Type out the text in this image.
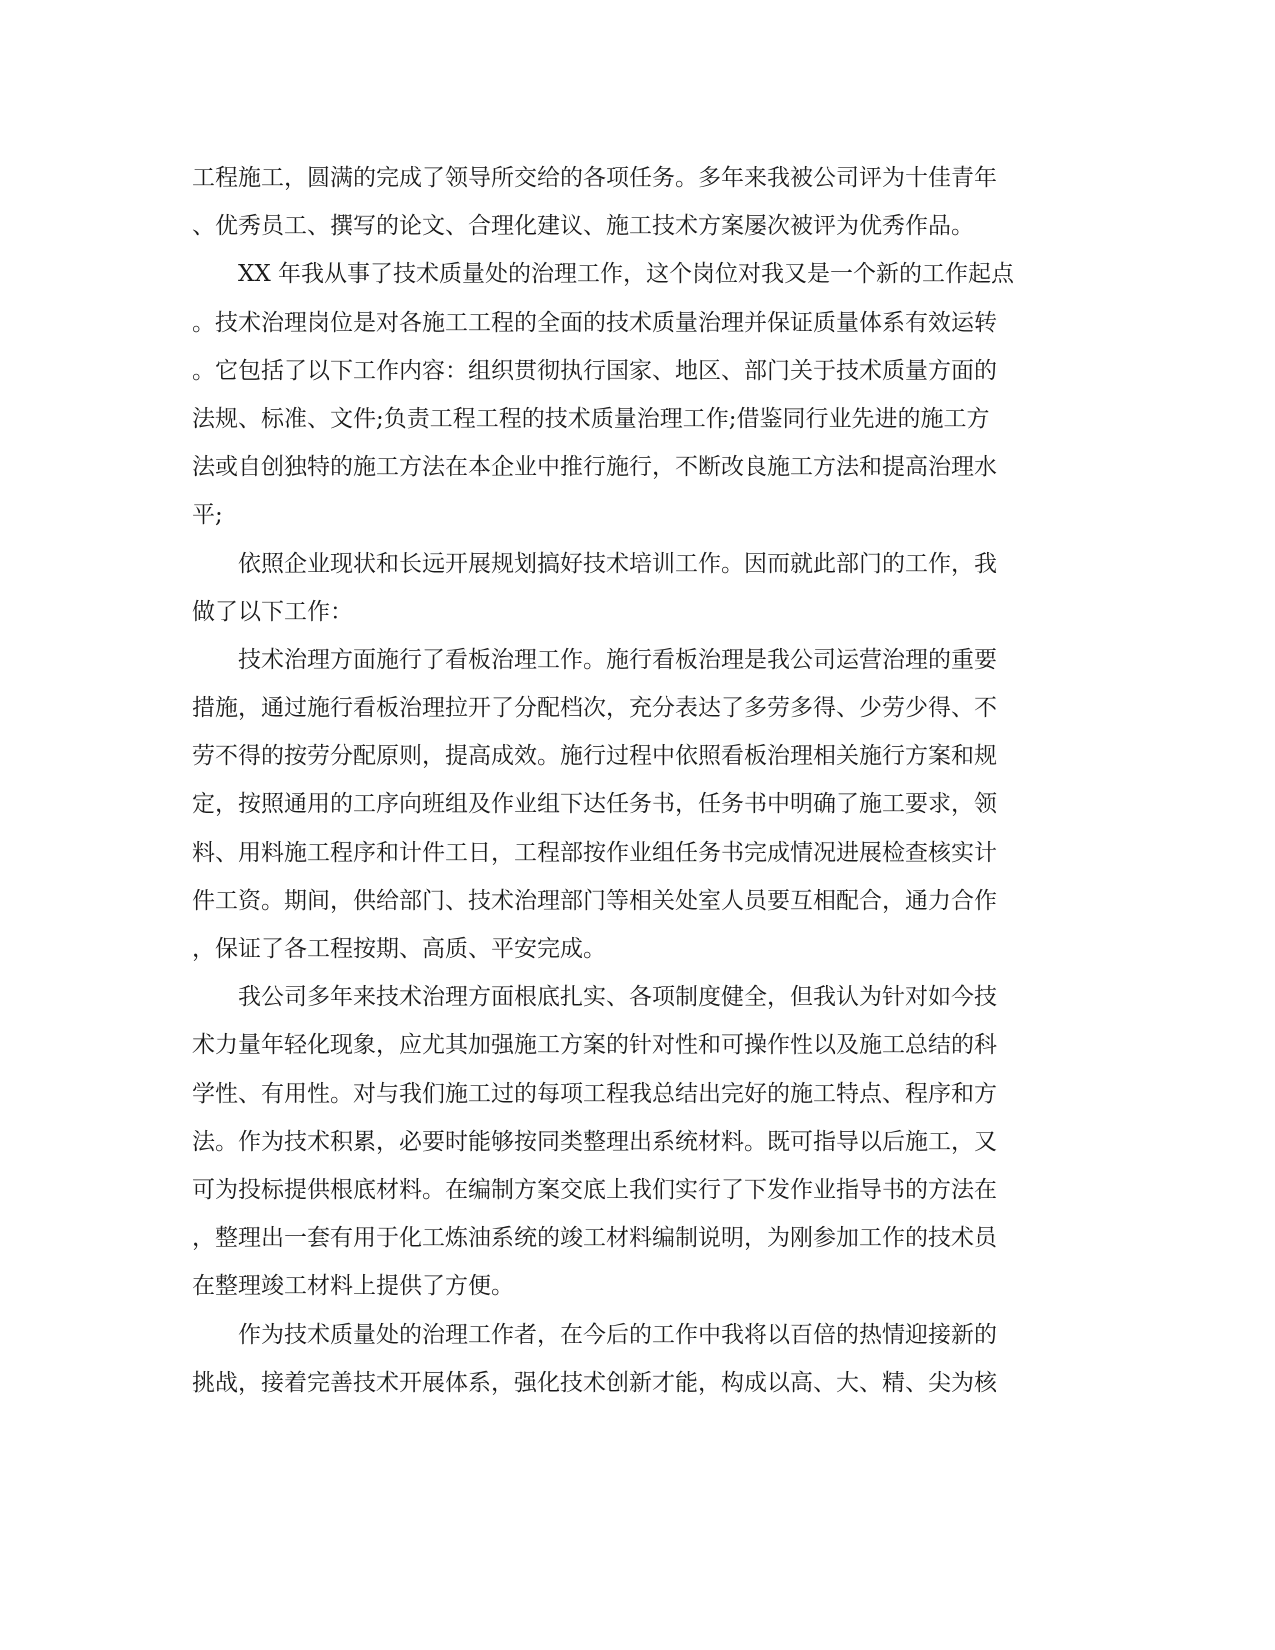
工程施工，圆满的完成了领导所交给的各项任务。多年来我被公司评为十佳青年
、优秀员工、撰写的论文、合理化建议、施工技术方案屡次被评为优秀作品。
XX 年我从事了技术质量处的治理工作，这个岗位对我又是一个新的工作起点
。技术治理岗位是对各施工工程的全面的技术质量治理并保证质量体系有效运转
。它包括了以下工作内容：组织贯彻执行国家、地区、部门关于技术质量方面的
法规、标准、文件;负责工程工程的技术质量治理工作;借鉴同行业先进的施工方
法或自创独特的施工方法在本企业中推行施行，不断改良施工方法和提高治理水
平;
依照企业现状和长远开展规划搞好技术培训工作。因而就此部门的工作，我
做了以下工作：
技术治理方面施行了看板治理工作。施行看板治理是我公司运营治理的重要
措施，通过施行看板治理拉开了分配档次，充分表达了多劳多得、少劳少得、不
劳不得的按劳分配原则，提高成效。施行过程中依照看板治理相关施行方案和规
定，按照通用的工序向班组及作业组下达任务书，任务书中明确了施工要求，领
料、用料施工程序和计件工日，工程部按作业组任务书完成情况进展检查核实计
件工资。期间，供给部门、技术治理部门等相关处室人员要互相配合，通力合作
，保证了各工程按期、高质、平安完成。
我公司多年来技术治理方面根底扎实、各项制度健全，但我认为针对如今技
术力量年轻化现象，应尤其加强施工方案的针对性和可操作性以及施工总结的科
学性、有用性。对与我们施工过的每项工程我总结出完好的施工特点、程序和方
法。作为技术积累，必要时能够按同类整理出系统材料。既可指导以后施工，又
可为投标提供根底材料。在编制方案交底上我们实行了下发作业指导书的方法在
，整理出一套有用于化工炼油系统的竣工材料编制说明，为刚参加工作的技术员
在整理竣工材料上提供了方便。
作为技术质量处的治理工作者，在今后的工作中我将以百倍的热情迎接新的
挑战，接着完善技术开展体系，强化技术创新才能，构成以高、大、精、尖为核
